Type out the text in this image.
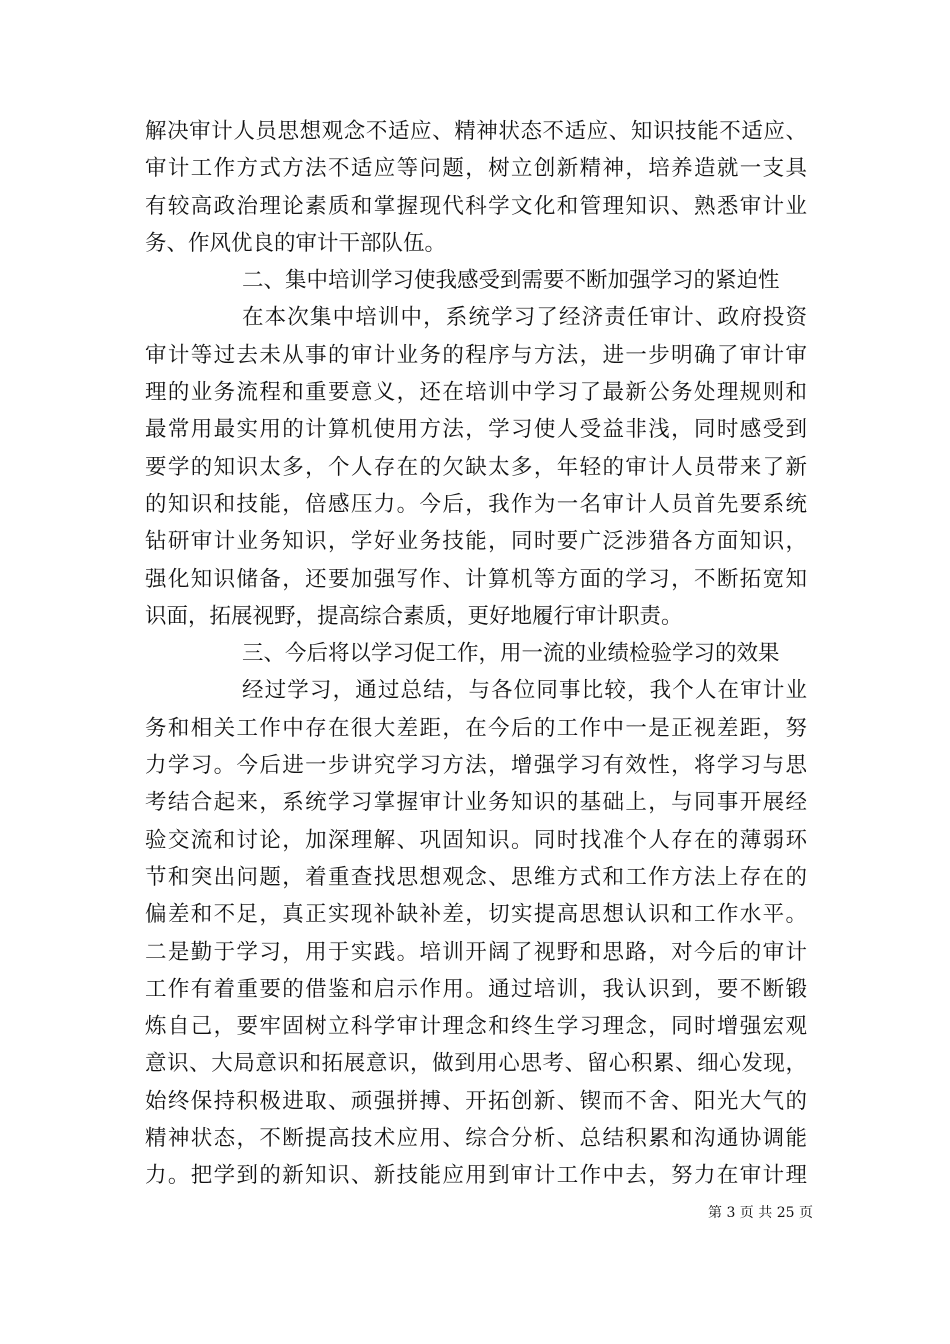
解决审计人员思想观念不适应、精神状态不适应、知识技能不适应、
审计工作方式方法不适应等问题，树立创新精神，培养造就一支具
有较高政治理论素质和掌握现代科学文化和管理知识、熟悉审计业
务、作风优良的审计干部队伍。
二、集中培训学习使我感受到需要不断加强学习的紧迫性
在本次集中培训中，系统学习了经济责任审计、政府投资
审计等过去未从事的审计业务的程序与方法，进一步明确了审计审
理的业务流程和重要意义，还在培训中学习了最新公务处理规则和
最常用最实用的计算机使用方法，学习使人受益非浅，同时感受到
要学的知识太多，个人存在的欠缺太多，年轻的审计人员带来了新
的知识和技能，倍感压力。今后，我作为一名审计人员首先要系统
钻研审计业务知识，学好业务技能，同时要广泛涉猎各方面知识，
强化知识储备，还要加强写作、计算机等方面的学习，不断拓宽知
识面，拓展视野，提高综合素质，更好地履行审计职责。
三、今后将以学习促工作，用一流的业绩检验学习的效果
经过学习，通过总结，与各位同事比较，我个人在审计业
务和相关工作中存在很大差距，在今后的工作中一是正视差距，努
力学习。今后进一步讲究学习方法，增强学习有效性，将学习与思
考结合起来，系统学习掌握审计业务知识的基础上，与同事开展经
验交流和讨论，加深理解、巩固知识。同时找准个人存在的薄弱环
节和突出问题，着重查找思想观念、思维方式和工作方法上存在的
偏差和不足，真正实现补缺补差，切实提高思想认识和工作水平。
二是勤于学习，用于实践。培训开阔了视野和思路，对今后的审计
工作有着重要的借鉴和启示作用。通过培训，我认识到，要不断锻
炼自己，要牢固树立科学审计理念和终生学习理念，同时增强宏观
意识、大局意识和拓展意识，做到用心思考、留心积累、细心发现，
始终保持积极进取、顽强拼搏、开拓创新、锲而不舍、阳光大气的
精神状态，不断提高技术应用、综合分析、总结积累和沟通协调能
力。把学到的新知识、新技能应用到审计工作中去，努力在审计理
第 3 页 共 25 页
